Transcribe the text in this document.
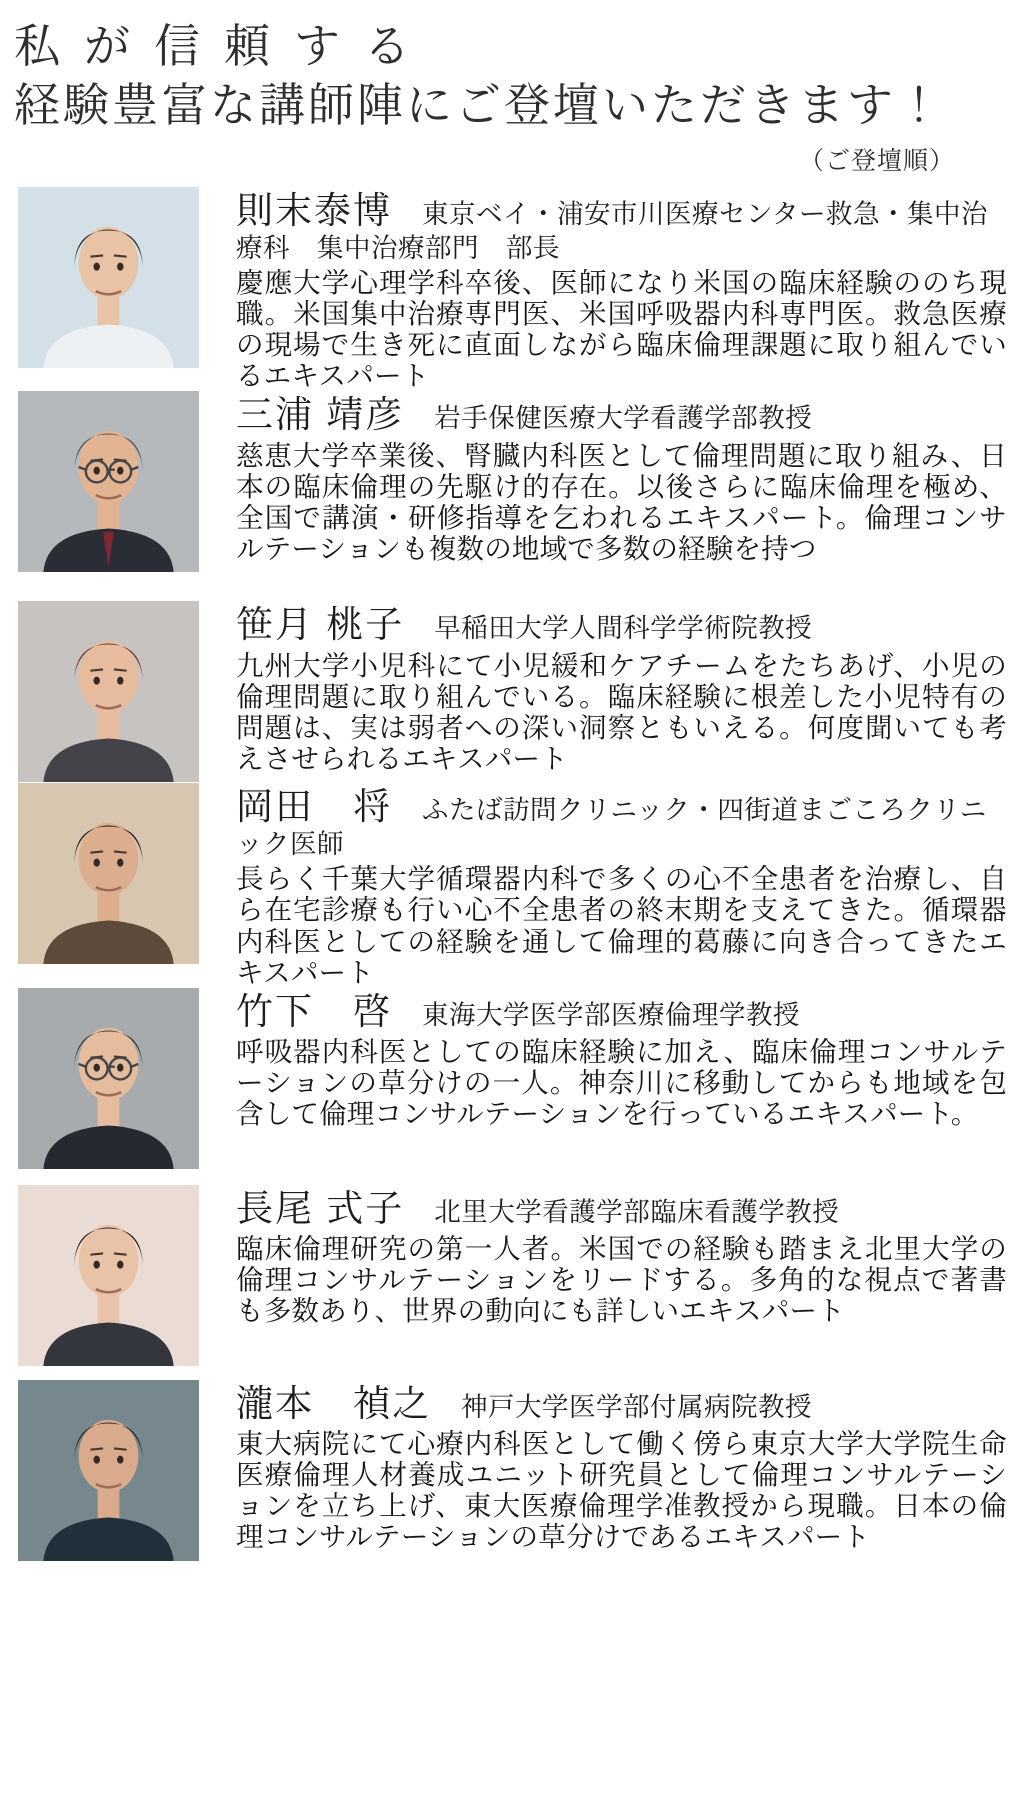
私が信頼する
経験豊富な講師陣にご登壇いただきます！
（ご登壇順）
則末泰博 東京ベイ・浦安市川医療センター救急・集中治療科　集中治療部門　部長
慶應大学心理学科卒後、医師になり米国の臨床経験ののち現職。米国集中治療専門医、米国呼吸器内科専門医。救急医療の現場で生き死に直面しながら臨床倫理課題に取り組んでいるエキスパート
三浦 靖彦 岩手保健医療大学看護学部教授
慈恵大学卒業後、腎臓内科医として倫理問題に取り組み、日本の臨床倫理の先駆け的存在。以後さらに臨床倫理を極め、全国で講演・研修指導を乞われるエキスパート。倫理コンサルテーションも複数の地域で多数の経験を持つ
笹月 桃子 早稲田大学人間科学学術院教授
九州大学小児科にて小児緩和ケアチームをたちあげ、小児の倫理問題に取り組んでいる。臨床経験に根差した小児特有の問題は、実は弱者への深い洞察ともいえる。何度聞いても考えさせられるエキスパート
岡田　将 ふたば訪問クリニック・四街道まごころクリニック医師
長らく千葉大学循環器内科で多くの心不全患者を治療し、自ら在宅診療も行い心不全患者の終末期を支えてきた。循環器内科医としての経験を通して倫理的葛藤に向き合ってきたエキスパート
竹下　啓 東海大学医学部医療倫理学教授
呼吸器内科医としての臨床経験に加え、臨床倫理コンサルテーションの草分けの一人。神奈川に移動してからも地域を包含して倫理コンサルテーションを行っているエキスパート。
長尾 式子 北里大学看護学部臨床看護学教授
臨床倫理研究の第一人者。米国での経験も踏まえ北里大学の倫理コンサルテーションをリードする。多角的な視点で著書も多数あり、世界の動向にも詳しいエキスパート
瀧本　禎之 神戸大学医学部付属病院教授
東大病院にて心療内科医として働く傍ら東京大学大学院生命医療倫理人材養成ユニット研究員として倫理コンサルテーションを立ち上げ、東大医療倫理学准教授から現職。日本の倫理コンサルテーションの草分けであるエキスパート
